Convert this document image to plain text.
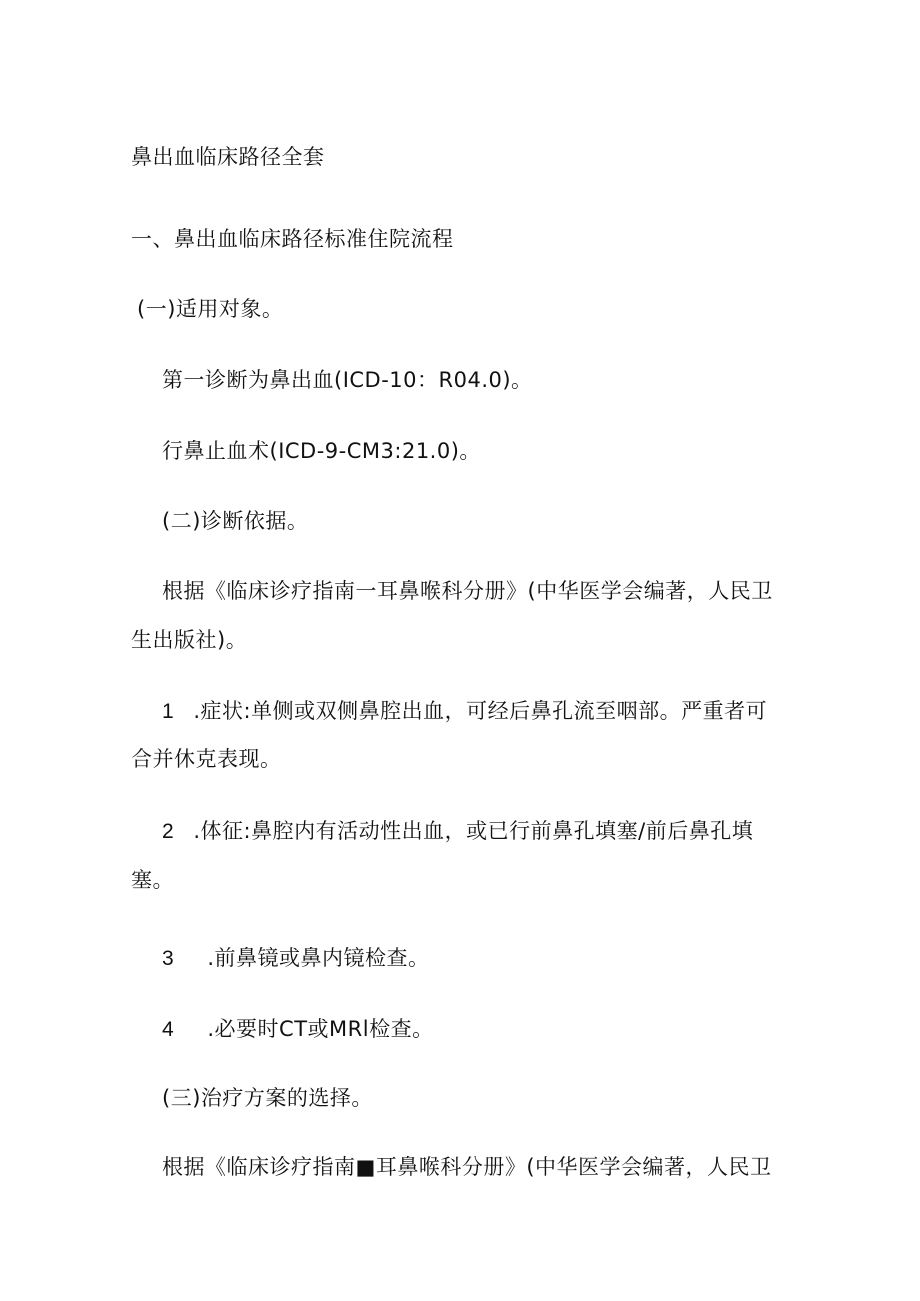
鼻出血临床路径全套

一、鼻出血临床路径标准住院流程

(一)适用对象。

第一诊断为鼻出血(ICD-10：R04.0)。

行鼻止血术(ICD-9-CM3:21.0)。

(二)诊断依据。

根据《临床诊疗指南一耳鼻喉科分册》(中华医学会编著，人民卫

生出版社)。

1 .症状:单侧或双侧鼻腔出血，可经后鼻孔流至咽部。严重者可

合并休克表现。

2 .体征:鼻腔内有活动性出血，或已行前鼻孔填塞/前后鼻孔填

塞。

3 .前鼻镜或鼻内镜检查。

4 .必要时CT或MRl检查。

(三)治疗方案的选择。

根据《临床诊疗指南■耳鼻喉科分册》(中华医学会编著，人民卫
